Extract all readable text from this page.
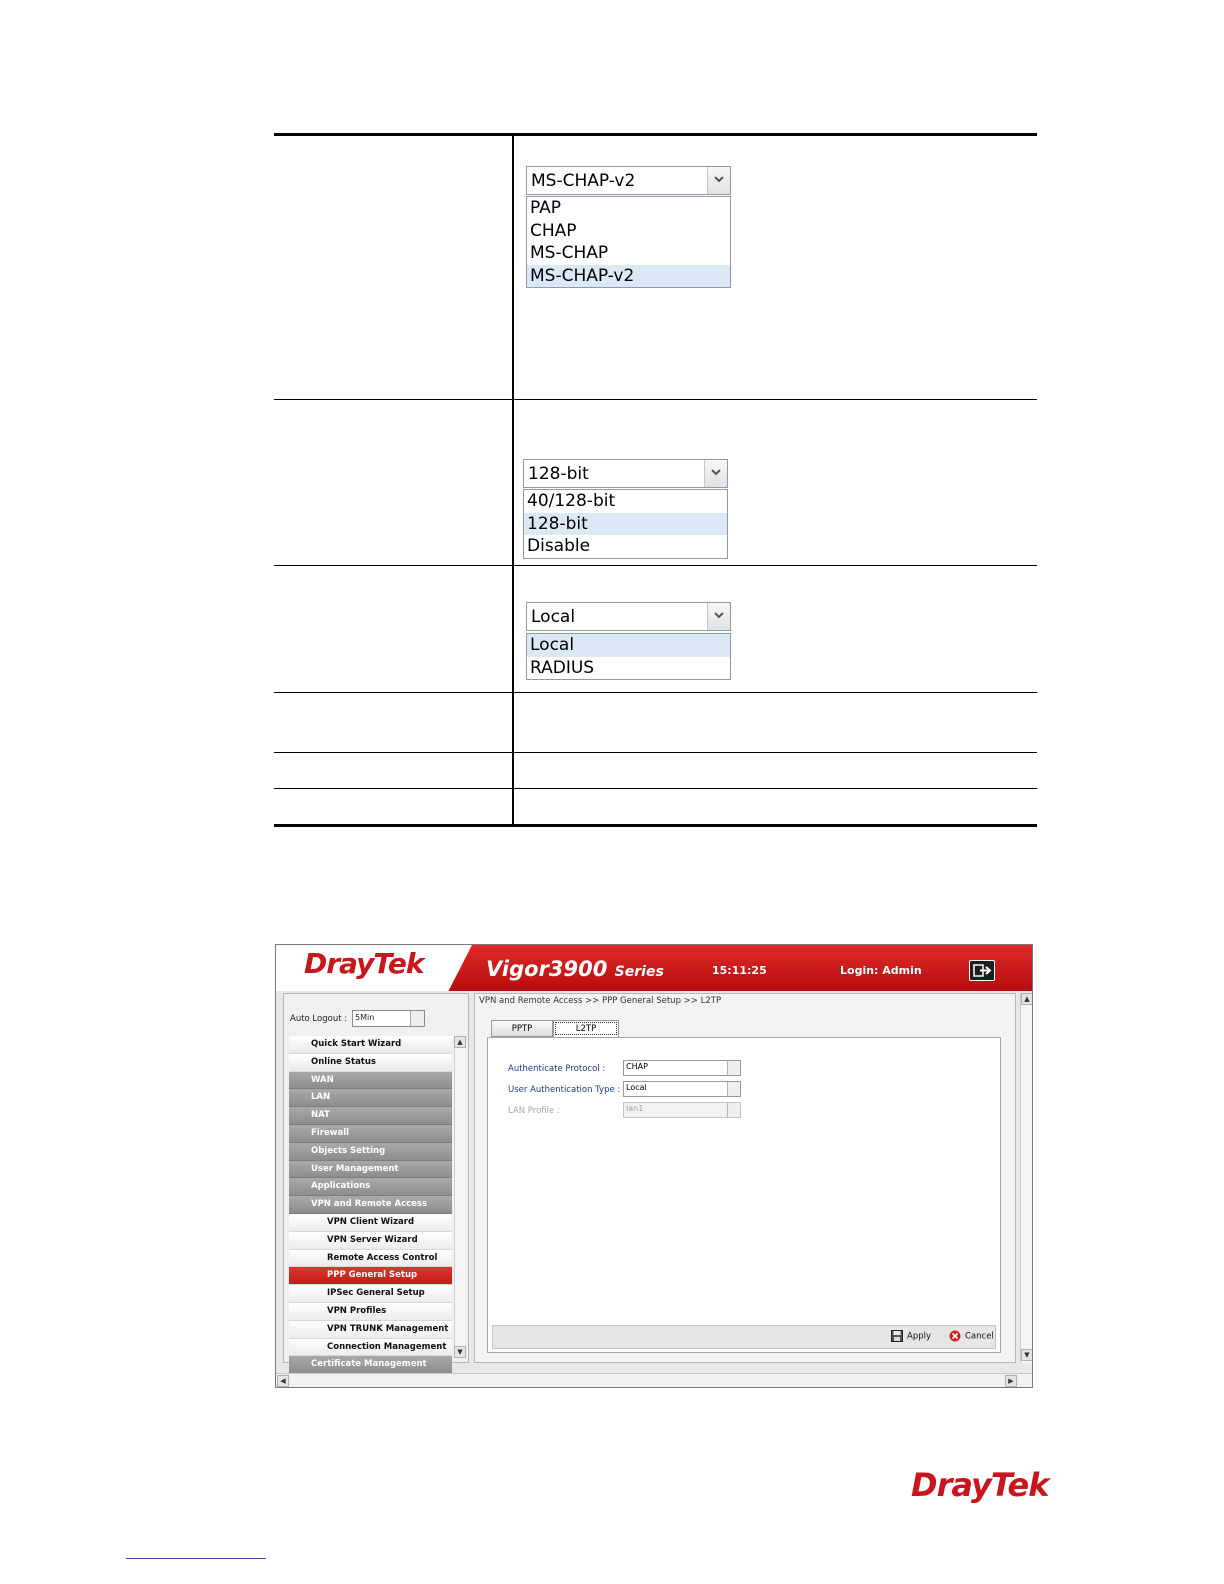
MS-CHAP-v2
PAP
CHAP
MS-CHAP
MS-CHAP-v2
128-bit
40/128-bit
128-bit
Disable
Local
Local
RADIUS
DrayTek	Vigor3900 Series	15:11:25	Login: Admin
Auto Logout : 5Min
Quick Start Wizard
Online Status
WAN
LAN
NAT
Firewall
Objects Setting
User Management
Applications
VPN and Remote Access
VPN Client Wizard
VPN Server Wizard
Remote Access Control
PPP General Setup
IPSec General Setup
VPN Profiles
VPN TRUNK Management
Connection Management
Certificate Management
▲
▼
VPN and Remote Access >> PPP General Setup >> L2TP
PPTP	L2TP
Authenticate Protocol :	CHAP
User Authentication Type : Local
LAN Profile :	lan1
Apply	Cancel
▲
▼
◀	▶
DrayTek
